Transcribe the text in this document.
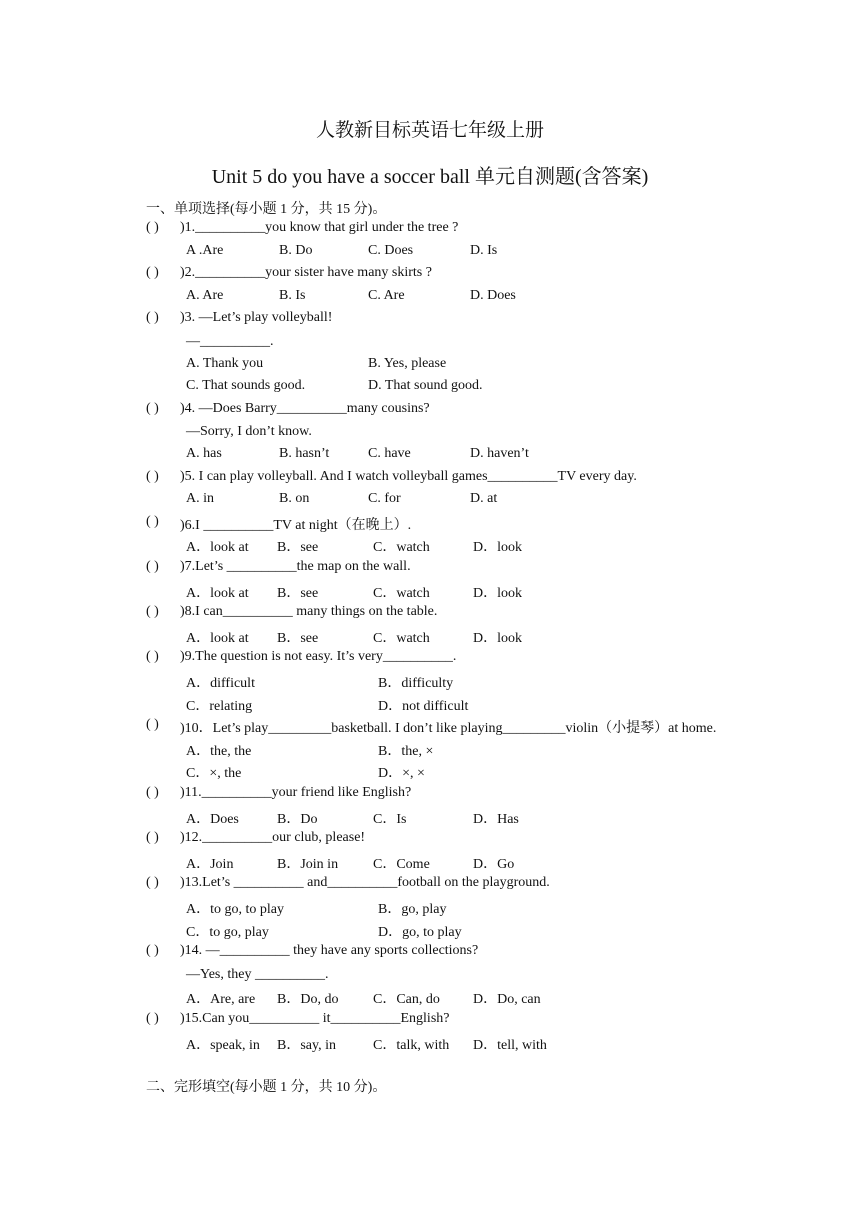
人教新目标英语七年级上册
Unit 5 do you have a soccer ball 单元自测题(含答案)
一、单项选择(每小题 1 分，共 15 分)。
( ) )1.__________you know that girl under the tree ?
A .Are	B. Do	C. Does	D. Is
( ) )2.__________your sister have many skirts ?
A. Are	B. Is	C. Are	D. Does
( ) )3. —Let’s play volleyball!
—__________.
A. Thank you	B. Yes, please
C. That sounds good.	D. That sound good.
( ) )4. —Does Barry__________many cousins?
—Sorry, I don’t know.
A. has	B. hasn’t	C. have	D. haven’t
( ) )5. I can play volleyball. And I watch volleyball games__________TV every day.
A. in	B. on	C. for	D. at
( ) )6.I __________TV at night（在晚上）.
A．look at B．see	C．watch	D．look
( ) )7.Let’s __________the map on the wall.
A．look at B．see	C．watch	D．look
( ) )8.I can__________ many things on the table.
A．look at B．see	C．watch	D．look
( ) )9.The question is not easy. It’s very__________.
A．difficult	B．difficulty
C．relating	D．not difficult
( ) )10．Let’s play_________basketball. I don’t like playing_________violin（小提琴）at home.
A．the, the	B．the, ×
C．×, the	D．×, ×
( ) )11.__________your friend like English?
A．Does	B．Do	C．Is	D．Has
( ) )12.__________our club, please!
A．Join	B．Join in C．Come	D．Go
( ) )13.Let’s __________ and__________football on the playground.
A．to go, to play	B．go, play
C．to go, play	D．go, to play
( ) )14. —__________ they have any sports collections?
—Yes, they __________.
A．Are, are B．Do, do C．Can, do D．Do, can
( ) )15.Can you__________ it__________English?
A．speak, in B．say, in	C．talk, with D．tell, with
二、完形填空(每小题 1 分，共 10 分)。
